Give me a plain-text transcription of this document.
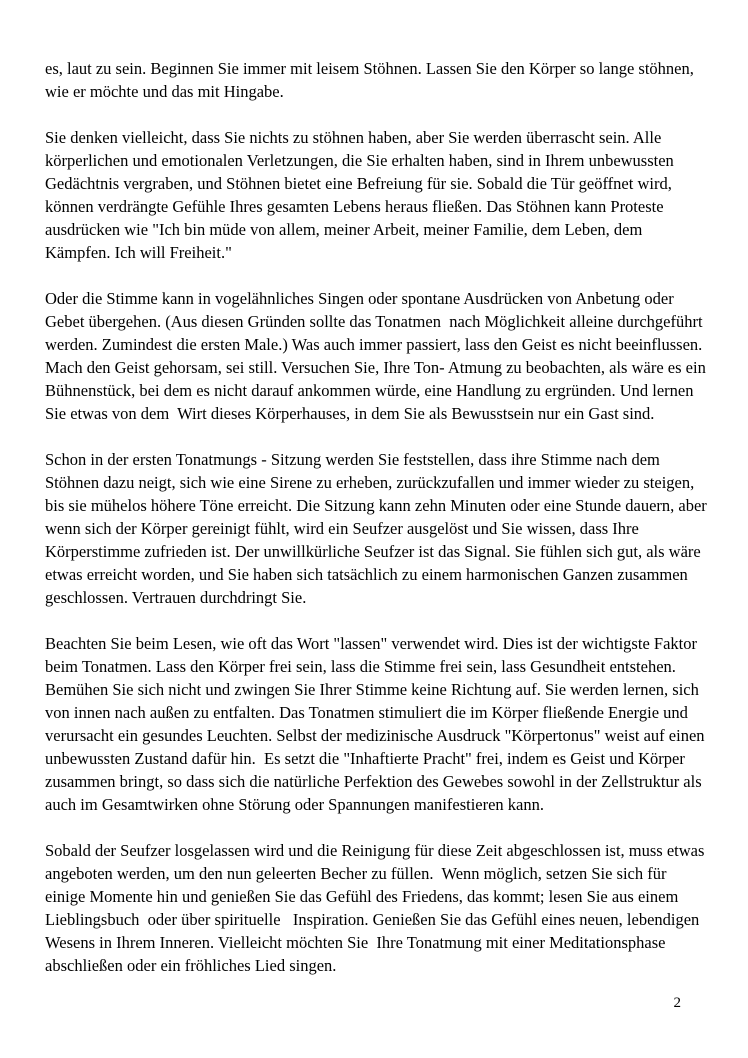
es, laut zu sein. Beginnen Sie immer mit leisem Stöhnen. Lassen Sie den Körper so lange stöhnen, wie er möchte und das mit Hingabe.

Sie denken vielleicht, dass Sie nichts zu stöhnen haben, aber Sie werden überrascht sein. Alle körperlichen und emotionalen Verletzungen, die Sie erhalten haben, sind in Ihrem unbewussten Gedächtnis vergraben, und Stöhnen bietet eine Befreiung für sie. Sobald die Tür geöffnet wird, können verdrängte Gefühle Ihres gesamten Lebens heraus fließen. Das Stöhnen kann Proteste ausdrücken wie "Ich bin müde von allem, meiner Arbeit, meiner Familie, dem Leben, dem Kämpfen. Ich will Freiheit."

Oder die Stimme kann in vogelähnliches Singen oder spontane Ausdrücken von Anbetung oder Gebet übergehen. (Aus diesen Gründen sollte das Tonatmen  nach Möglichkeit alleine durchgeführt werden. Zumindest die ersten Male.) Was auch immer passiert, lass den Geist es nicht beeinflussen. Mach den Geist gehorsam, sei still. Versuchen Sie, Ihre Ton- Atmung zu beobachten, als wäre es ein Bühnenstück, bei dem es nicht darauf ankommen würde, eine Handlung zu ergründen. Und lernen Sie etwas von dem  Wirt dieses Körperhauses, in dem Sie als Bewusstsein nur ein Gast sind.

Schon in der ersten Tonatmungs - Sitzung werden Sie feststellen, dass ihre Stimme nach dem Stöhnen dazu neigt, sich wie eine Sirene zu erheben, zurückzufallen und immer wieder zu steigen, bis sie mühelos höhere Töne erreicht. Die Sitzung kann zehn Minuten oder eine Stunde dauern, aber wenn sich der Körper gereinigt fühlt, wird ein Seufzer ausgelöst und Sie wissen, dass Ihre Körperstimme zufrieden ist. Der unwillkürliche Seufzer ist das Signal. Sie fühlen sich gut, als wäre etwas erreicht worden, und Sie haben sich tatsächlich zu einem harmonischen Ganzen zusammen geschlossen. Vertrauen durchdringt Sie.

Beachten Sie beim Lesen, wie oft das Wort "lassen" verwendet wird. Dies ist der wichtigste Faktor beim Tonatmen. Lass den Körper frei sein, lass die Stimme frei sein, lass Gesundheit entstehen. Bemühen Sie sich nicht und zwingen Sie Ihrer Stimme keine Richtung auf. Sie werden lernen, sich von innen nach außen zu entfalten. Das Tonatmen stimuliert die im Körper fließende Energie und verursacht ein gesundes Leuchten. Selbst der medizinische Ausdruck "Körpertonus" weist auf einen unbewussten Zustand dafür hin.  Es setzt die "Inhaftierte Pracht" frei, indem es Geist und Körper zusammen bringt, so dass sich die natürliche Perfektion des Gewebes sowohl in der Zellstruktur als auch im Gesamtwirken ohne Störung oder Spannungen manifestieren kann.

Sobald der Seufzer losgelassen wird und die Reinigung für diese Zeit abgeschlossen ist, muss etwas angeboten werden, um den nun geleerten Becher zu füllen.  Wenn möglich, setzen Sie sich für einige Momente hin und genießen Sie das Gefühl des Friedens, das kommt; lesen Sie aus einem Lieblingsbuch  oder über spirituelle   Inspiration. Genießen Sie das Gefühl eines neuen, lebendigen Wesens in Ihrem Inneren. Vielleicht möchten Sie  Ihre Tonatmung mit einer Meditationsphase abschließen oder ein fröhliches Lied singen.

2
